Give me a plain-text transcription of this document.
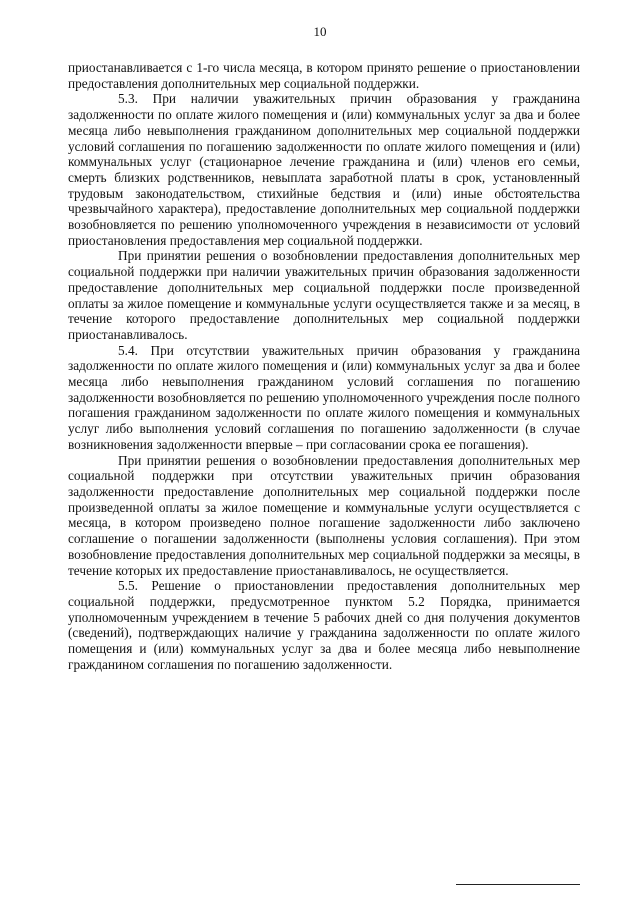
10

приостанавливается с 1-го числа месяца, в котором принято решение о приостановлении предоставления дополнительных мер социальной поддержки.

5.3. При наличии уважительных причин образования у гражданина задолженности по оплате жилого помещения и (или) коммунальных услуг за два и более месяца либо невыполнения гражданином дополнительных мер социальной поддержки условий соглашения по погашению задолженности по оплате жилого помещения и (или) коммунальных услуг (стационарное лечение гражданина и (или) членов его семьи, смерть близких родственников, невыплата заработной платы в срок, установленный трудовым законодательством, стихийные бедствия и (или) иные обстоятельства чрезвычайного характера), предоставление дополнительных мер социальной поддержки возобновляется по решению уполномоченного учреждения в независимости от условий приостановления предоставления мер социальной поддержки.

При принятии решения о возобновлении предоставления дополнительных мер социальной поддержки при наличии уважительных причин образования задолженности предоставление дополнительных мер социальной поддержки после произведенной оплаты за жилое помещение и коммунальные услуги осуществляется также и за месяц, в течение которого предоставление дополнительных мер социальной поддержки приостанавливалось.

5.4. При отсутствии уважительных причин образования у гражданина задолженности по оплате жилого помещения и (или) коммунальных услуг за два и более месяца либо невыполнения гражданином условий соглашения по погашению задолженности возобновляется по решению уполномоченного учреждения после полного погашения гражданином задолженности по оплате жилого помещения и коммунальных услуг либо выполнения условий соглашения по погашению задолженности (в случае возникновения задолженности впервые – при согласовании срока ее погашения).

При принятии решения о возобновлении предоставления дополнительных мер социальной поддержки при отсутствии уважительных причин образования задолженности предоставление дополнительных мер социальной поддержки после произведенной оплаты за жилое помещение и коммунальные услуги осуществляется с месяца, в котором произведено полное погашение задолженности либо заключено соглашение о погашении задолженности (выполнены условия соглашения). При этом возобновление предоставления дополнительных мер социальной поддержки за месяцы, в течение которых их предоставление приостанавливалось, не осуществляется.

5.5. Решение о приостановлении предоставления дополнительных мер социальной поддержки, предусмотренное пунктом 5.2 Порядка, принимается уполномоченным учреждением в течение 5 рабочих дней со дня получения документов (сведений), подтверждающих наличие у гражданина задолженности по оплате жилого помещения и (или) коммунальных услуг за два и более месяца либо невыполнение гражданином соглашения по погашению задолженности.
